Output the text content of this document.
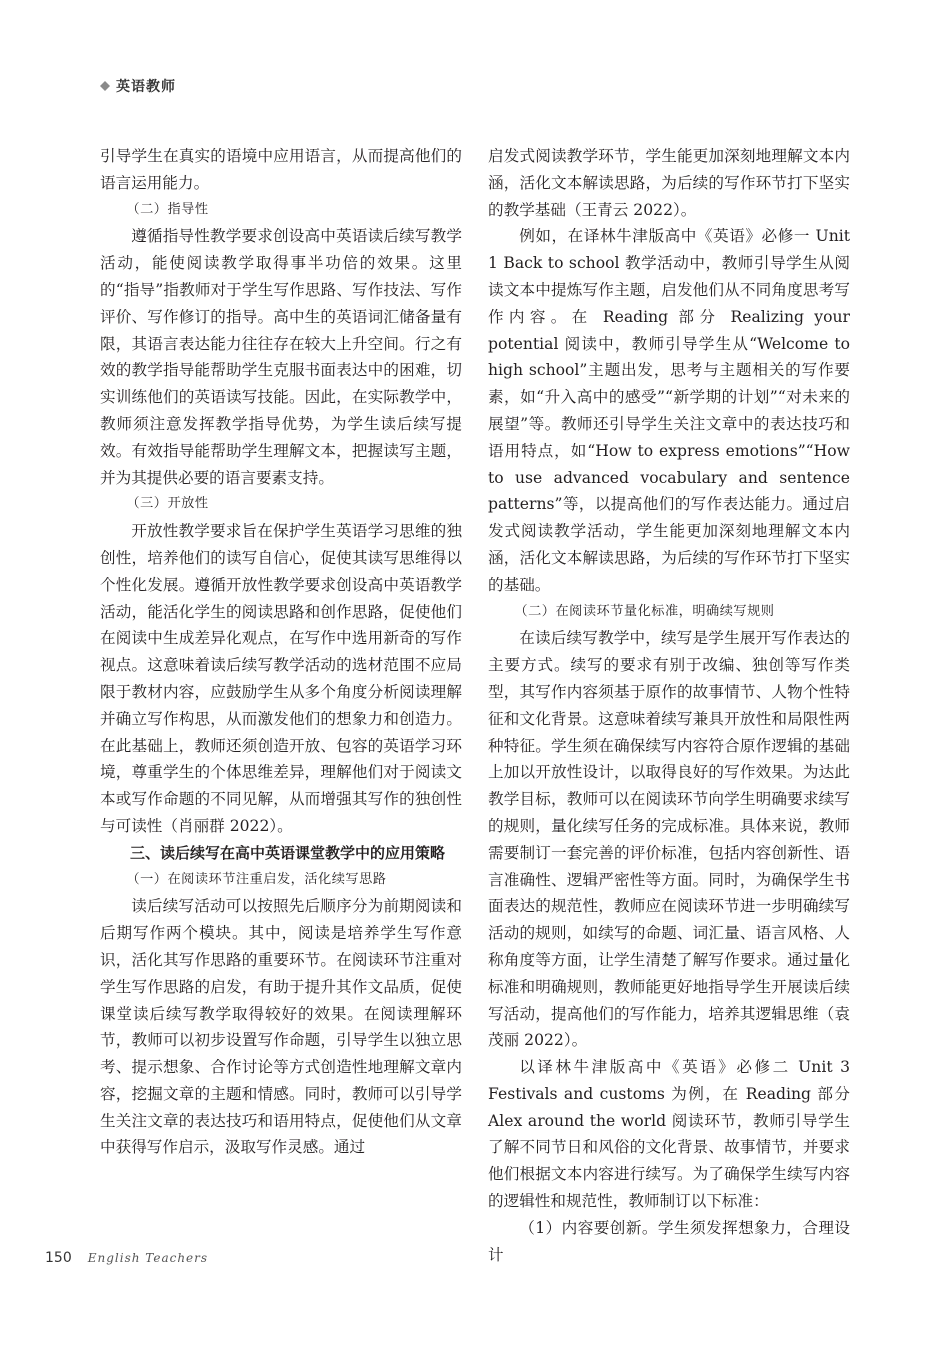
英语教师

引导学生在真实的语境中应用语言，从而提高他们的语言运用能力。

（二）指导性

遵循指导性教学要求创设高中英语读后续写教学活动，能使阅读教学取得事半功倍的效果。这里的“指导”指教师对于学生写作思路、写作技法、写作评价、写作修订的指导。高中生的英语词汇储备量有限，其语言表达能力往往存在较大上升空间。行之有效的教学指导能帮助学生克服书面表达中的困难，切实训练他们的英语读写技能。因此，在实际教学中，教师须注意发挥教学指导优势，为学生读后续写提效。有效指导能帮助学生理解文本，把握读写主题，并为其提供必要的语言要素支持。

（三）开放性

开放性教学要求旨在保护学生英语学习思维的独创性，培养他们的读写自信心，促使其读写思维得以个性化发展。遵循开放性教学要求创设高中英语教学活动，能活化学生的阅读思路和创作思路，促使他们在阅读中生成差异化观点，在写作中选用新奇的写作视点。这意味着读后续写教学活动的选材范围不应局限于教材内容，应鼓励学生从多个角度分析阅读理解并确立写作构思，从而激发他们的想象力和创造力。在此基础上，教师还须创造开放、包容的英语学习环境，尊重学生的个体思维差异，理解他们对于阅读文本或写作命题的不同见解，从而增强其写作的独创性与可读性（肖丽群 2022）。

三、读后续写在高中英语课堂教学中的应用策略

（一）在阅读环节注重启发，活化续写思路

读后续写活动可以按照先后顺序分为前期阅读和后期写作两个模块。其中，阅读是培养学生写作意识，活化其写作思路的重要环节。在阅读环节注重对学生写作思路的启发，有助于提升其作文品质，促使课堂读后续写教学取得较好的效果。在阅读理解环节，教师可以初步设置写作命题，引导学生以独立思考、提示想象、合作讨论等方式创造性地理解文章内容，挖掘文章的主题和情感。同时，教师可以引导学生关注文章的表达技巧和语用特点，促使他们从文章中获得写作启示，汲取写作灵感。通过

启发式阅读教学环节，学生能更加深刻地理解文本内涵，活化文本解读思路，为后续的写作环节打下坚实的教学基础（王青云 2022）。

例如，在译林牛津版高中《英语》必修一 Unit 1 Back to school 教学活动中，教师引导学生从阅读文本中提炼写作主题，启发他们从不同角度思考写作内容。在 Reading 部分 Realizing your potential 阅读中，教师引导学生从“Welcome to high school”主题出发，思考与主题相关的写作要素，如“升入高中的感受”“新学期的计划”“对未来的展望”等。教师还引导学生关注文章中的表达技巧和语用特点，如“How to express emotions”“How to use advanced vocabulary and sentence patterns”等，以提高他们的写作表达能力。通过启发式阅读教学活动，学生能更加深刻地理解文本内涵，活化文本解读思路，为后续的写作环节打下坚实的基础。

（二）在阅读环节量化标准，明确续写规则

在读后续写教学中，续写是学生展开写作表达的主要方式。续写的要求有别于改编、独创等写作类型，其写作内容须基于原作的故事情节、人物个性特征和文化背景。这意味着续写兼具开放性和局限性两种特征。学生须在确保续写内容符合原作逻辑的基础上加以开放性设计，以取得良好的写作效果。为达此教学目标，教师可以在阅读环节向学生明确要求续写的规则，量化续写任务的完成标准。具体来说，教师需要制订一套完善的评价标准，包括内容创新性、语言准确性、逻辑严密性等方面。同时，为确保学生书面表达的规范性，教师应在阅读环节进一步明确续写活动的规则，如续写的命题、词汇量、语言风格、人称角度等方面，让学生清楚了解写作要求。通过量化标准和明确规则，教师能更好地指导学生开展读后续写活动，提高他们的写作能力，培养其逻辑思维（袁茂丽 2022）。

以译林牛津版高中《英语》必修二 Unit 3 Festivals and customs 为例，在 Reading 部分 Alex around the world 阅读环节，教师引导学生了解不同节日和风俗的文化背景、故事情节，并要求他们根据文本内容进行续写。为了确保学生续写内容的逻辑性和规范性，教师制订以下标准：

（1）内容要创新。学生须发挥想象力，合理设计

150 English Teachers
